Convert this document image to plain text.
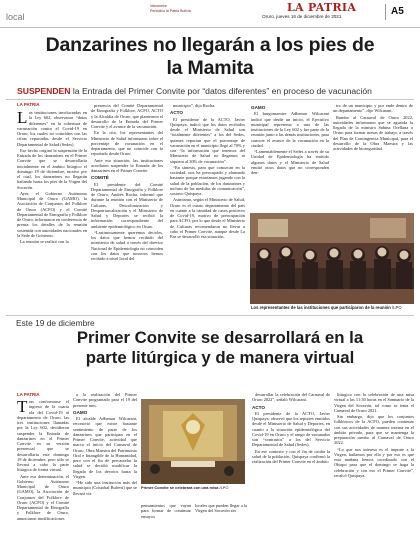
local
Vanomeke
Periódico la Patria Bolivia	LA PATRIA
Oruro, jueves 16 de diciembre de 2021	A5
Danzarines no llegarán a los pies de la Mamita
SUSPENDEN la Entrada del Primer Convite por “datos diferentes” en proceso de vacunación
LA PATRIA

Las instituciones involucradas en la Ley 602, observaron “datos diferentes” en la cobertura de vacunación contra el Covid-19 en Oruro, los cuales no coinciden con las cifras reportadas desde el Servicio Departamental de Salud (Sedes).

Ese hecho originó la suspensión de la Entrada de los danzarines en el Primer Convite que se desarrollaría inicialmente en el ámbito litúrgico el domingo 19 de diciembre, motivo por el cual, los danzarines no llegarán bailando hasta los pies de la Virgen del Socavón.

Ayer, el Gobierno Autónomo Municipal de Oruro (GAMO), la Asociación de Conjuntos del Folklore de Oruro (ACFO) y el Comité Departamental de Etnografía y Folklore de Oruro, informaron en conferencia de prensa los detalles de la reunión sostenida con autoridades nacionales en la Sede de Gobierno.

La reunión se realizó con la

presencia del Comité Departamental de Etnografía y Folklore, ACFO, ACTO y la Alcaldía de Oruro, que plantearon el desarrollo de la Entrada del Primer Convite y el avance de la vacunación.

En la cita, los representantes del Ministerio de Salud informaron sobre el porcentaje de vacunación en el departamento, que no coincide con lo reportado desde Oruro.

Ante esa situación, las instituciones acordaron suspender la Entrada de los danzarines en el Primer Convite.

COMITÉ

El presidente del Comité Departamental de Etnografía y Folklore de Oruro, Andrés Rocha, informó que durante la reunión con el Ministerio de Culturas, Descolonización y Despatriarcalización y el Ministerio de Salud y Deportes se recibió la información correspondiente del ambiente epidemiológico en Oruro.

“Lastimosamente queremos decirles, los datos que hemos recibido del ministerio de salud a través del director Nacional de Epidemiología no coinciden con los datos que nosotros hemos recibido a nivel local del

municipio”, dijo Rocha.

ACTO

El presidente de la ACTO, Javier Quispaya, indicó que los datos recibidos desde el Ministerio de Salud son “totalmente diferentes” a los del Sedes, quienes reportan que el porcentaje de vacunación en el municipio llegó al 70% y con “la información que tenemos del Ministerio de Salud no llegamos ni siquiera al 30% de vacunación”.

“En síntesis, para que conozcan en la sociedad, nos ha preocupado y alarmado bastante porque estaríamos jugando con la salud de la población, de los danzarines y incluso de las medidas de comunicación”, sostuvo Quispaya.

Asimismo, según el Ministerio de Salud, Oruro es el cuarto departamento del país en cuanto a la cantidad de casos positivos de Covid-19, motivo de preocupación para ACFO, por lo que desde el Ministerio de Culturas recomendaron no llevar a cabo el Primer Convite, aunque desde La Paz se desarrolló esa situación.

GAMO

El burgomaestre Adhemar Wilcarani indicó que desde un inicio, el Ejecutivo municipal representa a una de las instituciones de la Ley 602 y fue parte de la reunión junto a las demás instituciones, para conocer el avance de la vacunación en la ciudad.

“Lamentablemente el Sedes a través de su Unidad de Epidemiología ha emitido algunos datos y el Ministerio de Salud emitió otros datos que no corresponden den-

tro de un municipio y por ende dentro de un departamento”, dijo Wilcarani.

Rumbo al Carnaval de Oruro 2022, autoridades informaron que se aguarda la llegada de la ministra Sabina Orellana a Oruro para formar mesas de trabajo, a través del Plan de Contingencia Municipal, para el desarrollo de la Obra Maestra y las actividades de bioseguridad.

Los representantes de las instituciones que participaron de la reunión /LPO
Este 19 de diciembre
Primer Convite se desarrollará en la parte litúrgica y de manera virtual
LA PATRIA

Tras conformarse el ingreso de la cuarta ola del Covid-19 al departamento de Oruro, las tres instituciones llamadas por la Ley 602, decidieron suspender la Entrada de danzarines en el Primer Convite en su versión presencial que se desarrollaría este domingo 19 de diciembre, pero sólo se llevará a cabo la parte litúrgica de forma virtual.

Ante esa determinación, el Gobierno Autónomo Municipal de Oruro (GAMO), la Asociación de Conjuntos del Folklore de Oruro (ACFO) y el Comité Departamental de Etnografía y Folklore de Oruro, anunciaron modificaciones

a la realización del Primer Convite programado para el 19 del presente mes.

GAMO

El alcalde Adhemar Wilcarani, reconoció que existe bastante sentimiento de parte de los danzarines que participan en el Primer Convite, actividad que marca el inicio del Carnaval de Oruro, Obra Maestra del Patrimonio Oral e Intangible de la Humanidad, pero con el fin de precautelar la salud se decidió modificar la llegada de los devotos hasta la Virgen.

“He sido una institución más del municipio (Cristobal Bulevú) que se llevará vía

Primer Convite se celebrará con una misa /LPO
pensamientos que vayan para formar de continuar ensayos
locales que pueden llegar a la Virgen del Socavón sin

desarrollar la celebración del Carnaval de Oruro 2022”, señaló Wilcarani.

ACTO

El presidente de la ACTO, Javier Quispaya, observó que los reportes emitidos desde el Ministerio de Salud y Deportes, en cuanto a la situación epidemiológica del Covid-19 en Oruro y el rango de vacunados son “contrarios” a los del Servicio Departamental de Salud (Sedes).

En ese contexto y con el fin de cuidar la salud de la población, Quispaya confirmó la realización del Primer Convite en el ámbito

litúrgico con la celebración de una misa virtual a las 11:30 horas en el Santuario de la Virgen del Socavón, tal como se tenía el Carnaval de Oruro 2021.

Sin embargo, dijo que los conjuntos folklóricos de la ACFO, pueden continuar con sus actividades de manera interna en el ámbito privado, para que se mantenga la preparación rumbo al Carnaval de Oruro 2022.

“Lo que nos interesa es el importe a la Virgen, bailamos por ella y por eso es que esta mañana hemos coordinado con el Obispo para que el domingo se haga la celebración y con eso el Primer Convite”, recalcó Quispaya.
